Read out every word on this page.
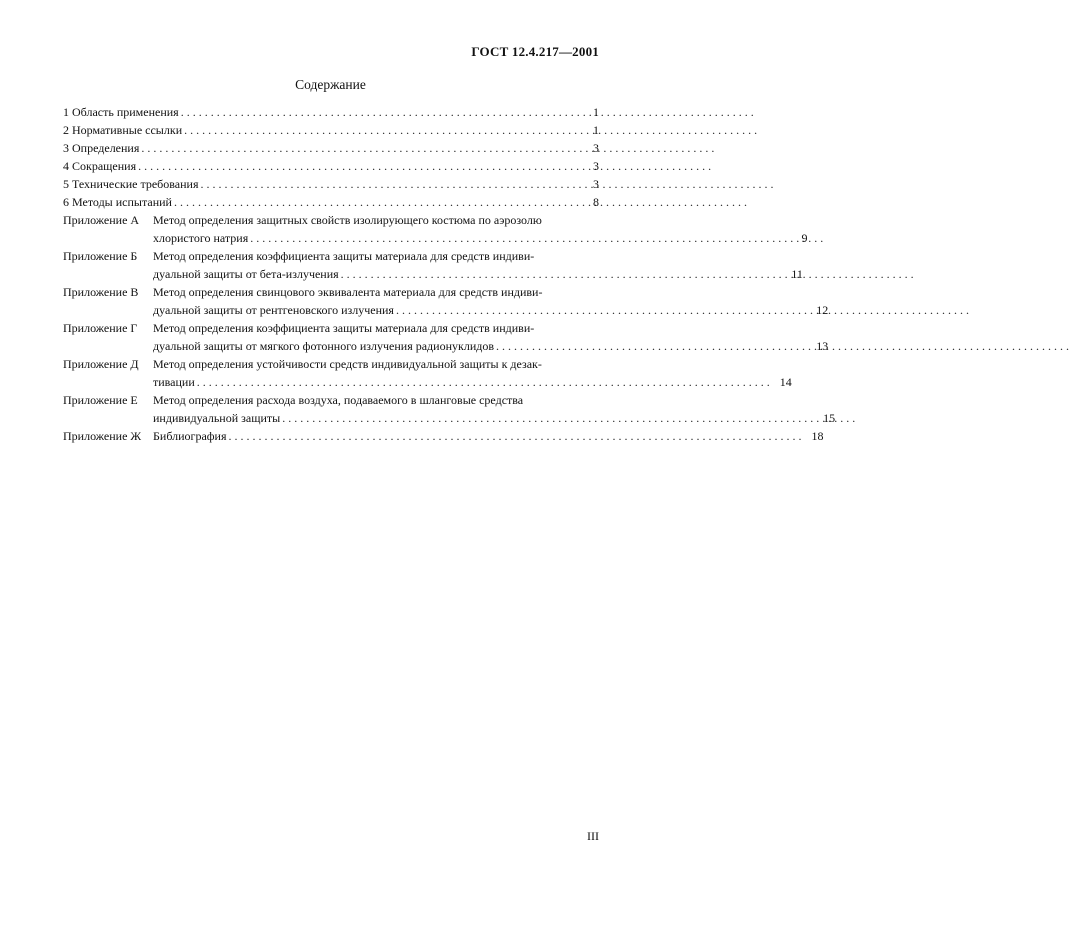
ГОСТ 12.4.217—2001
Содержание
1 Область применения . . .	1
2 Нормативные ссылки . . .	1
3 Определения . . .	3
4 Сокращения . . .	3
5 Технические требования . . .	3
6 Методы испытаний . . .	8
Приложение А	Метод определения защитных свойств изолирующего костюма по аэрозолю
хлористого натрия . . .	9
Приложение Б	Метод определения коэффициента защиты материала для средств индиви-
дуальной защиты от бета-излучения . . .	11
Приложение В	Метод определения свинцового эквивалента материала для средств индиви-
дуальной защиты от рентгеновского излучения . . .	12
Приложение Г	Метод определения коэффициента защиты материала для средств индиви-
дуальной защиты от мягкого фотонного излучения радионуклидов . . .	13
Приложение Д	Метод определения устойчивости средств индивидуальной защиты к дезак-
тивации . . .	14
Приложение Е	Метод определения расхода воздуха, подаваемого в шланговые средства
индивидуальной защиты . . .	15
Приложение Ж Библиография . . .	18
III
